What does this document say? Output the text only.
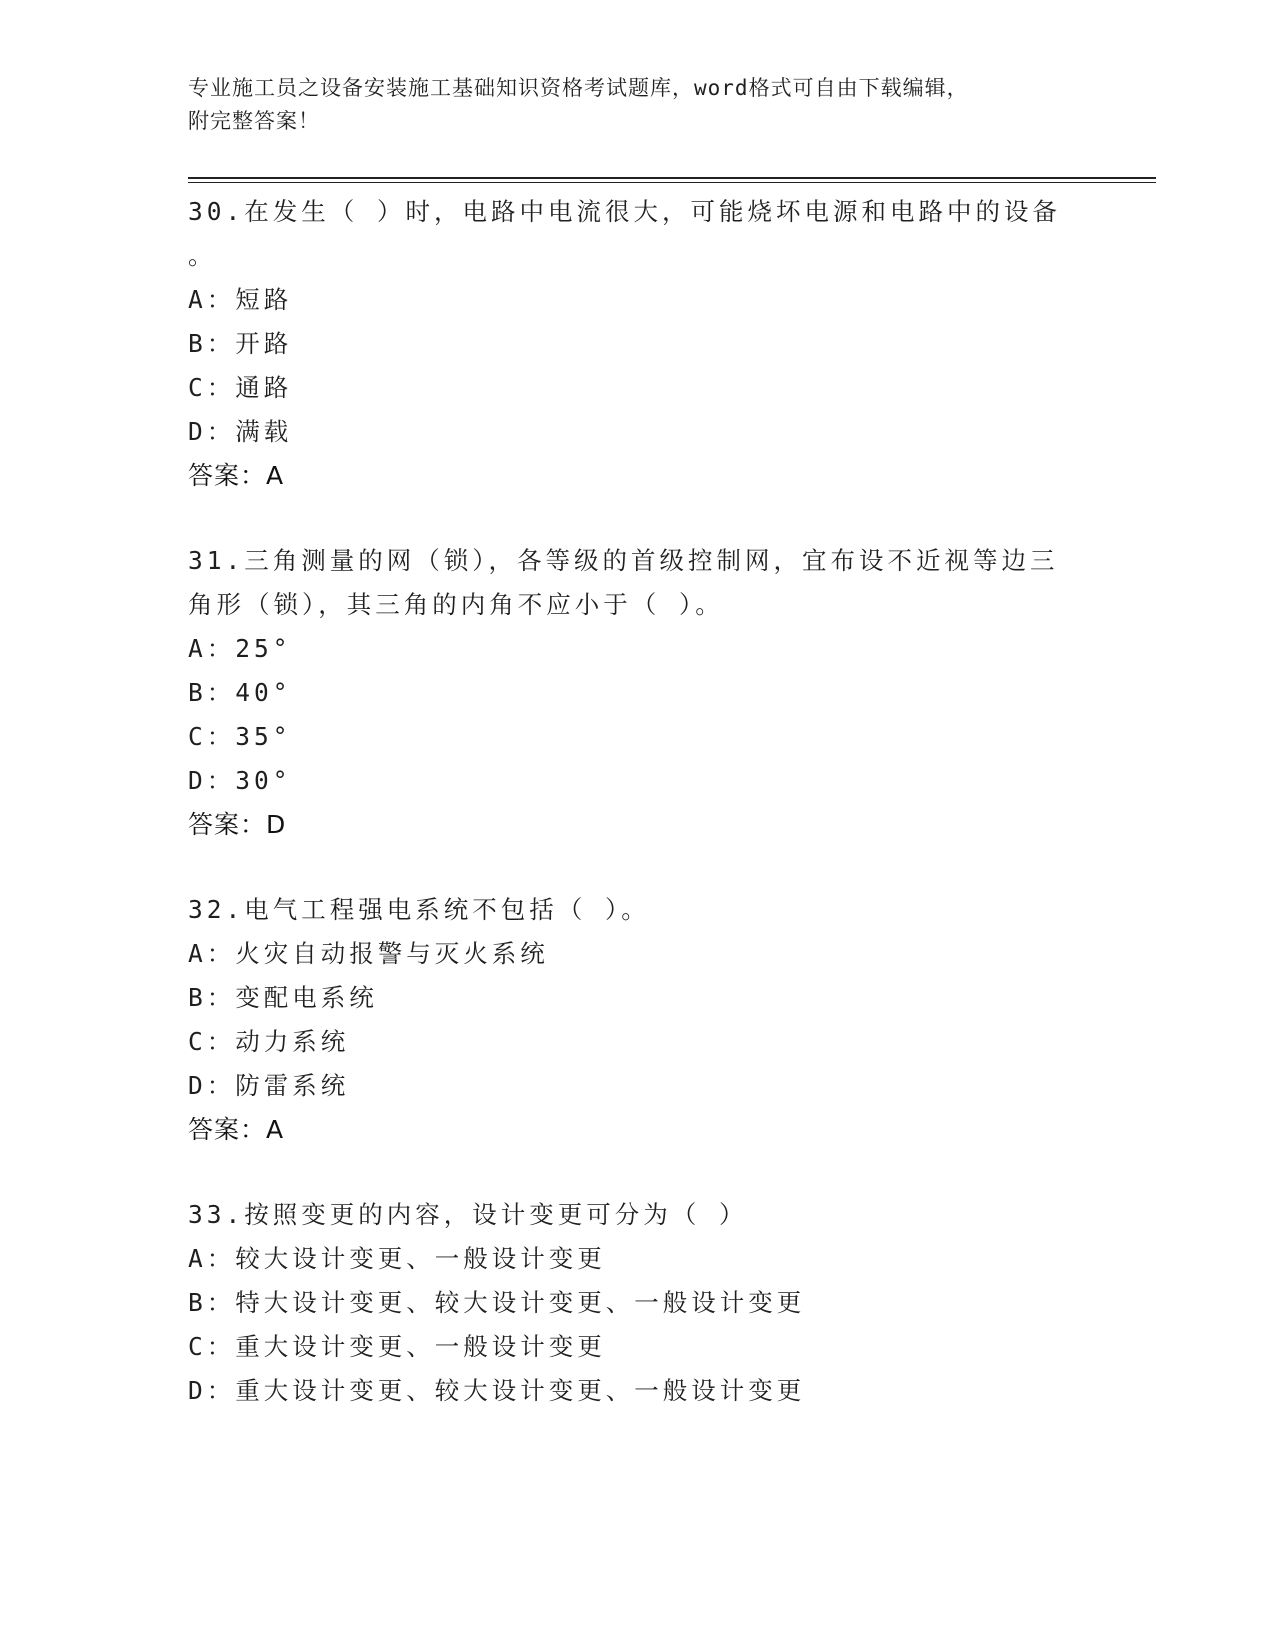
专业施工员之设备安装施工基础知识资格考试题库，word格式可自由下载编辑，
附完整答案！
30.在发生（ ）时，电路中电流很大，可能烧坏电源和电路中的设备
。
A：短路
B：开路
C：通路
D：满载
答案：A
31.三角测量的网（锁），各等级的首级控制网，宜布设不近视等边三
角形（锁），其三角的内角不应小于（ ）。
A：25°
B：40°
C：35°
D：30°
答案：D
32.电气工程强电系统不包括（ ）。
A：火灾自动报警与灭火系统
B：变配电系统
C：动力系统
D：防雷系统
答案：A
33.按照变更的内容，设计变更可分为（ ）
A：较大设计变更、一般设计变更
B：特大设计变更、较大设计变更、一般设计变更
C：重大设计变更、一般设计变更
D：重大设计变更、较大设计变更、一般设计变更
